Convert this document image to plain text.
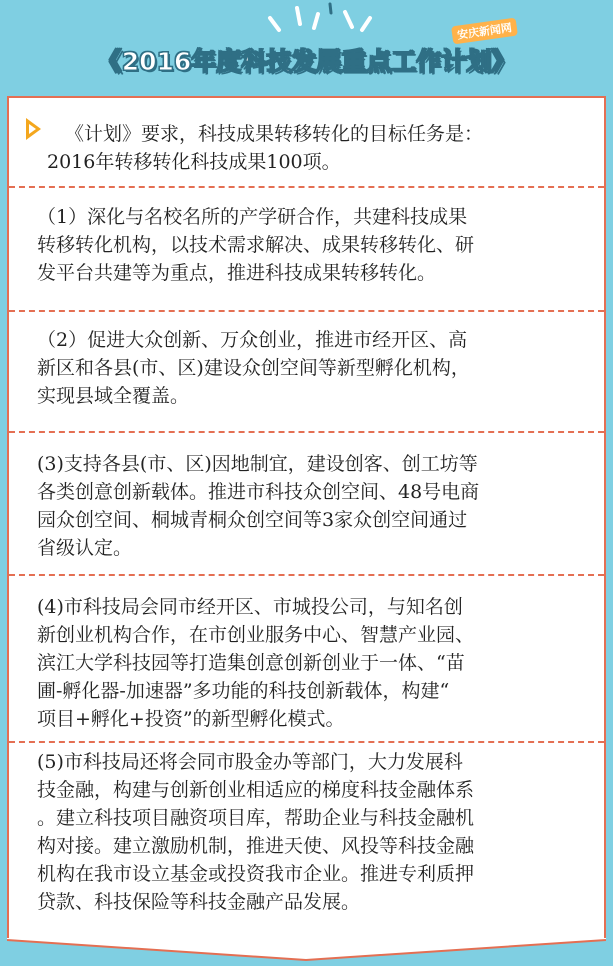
安庆新闻网
《2016年度科技发展重点工作计划》

《计划》要求，科技成果转移转化的目标任务是：

2016年转移转化科技成果100项。

（1）深化与名校名所的产学研合作，共建科技成果

转移转化机构，以技术需求解决、成果转移转化、研

发平台共建等为重点，推进科技成果转移转化。

（2）促进大众创新、万众创业，推进市经开区、高

新区和各县(市、区)建设众创空间等新型孵化机构，

实现县域全覆盖。

(3)支持各县(市、区)因地制宜，建设创客、创工坊等

各类创意创新载体。推进市科技众创空间、48号电商

园众创空间、桐城青桐众创空间等3家众创空间通过

省级认定。

(4)市科技局会同市经开区、市城投公司，与知名创

新创业机构合作，在市创业服务中心、智慧产业园、

滨江大学科技园等打造集创意创新创业于一体、“苗

圃-孵化器-加速器”多功能的科技创新载体，构建“

项目+孵化+投资”的新型孵化模式。

(5)市科技局还将会同市股金办等部门，大力发展科

技金融，构建与创新创业相适应的梯度科技金融体系

。建立科技项目融资项目库，帮助企业与科技金融机

构对接。建立激励机制，推进天使、风投等科技金融

机构在我市设立基金或投资我市企业。推进专利质押

贷款、科技保险等科技金融产品发展。
